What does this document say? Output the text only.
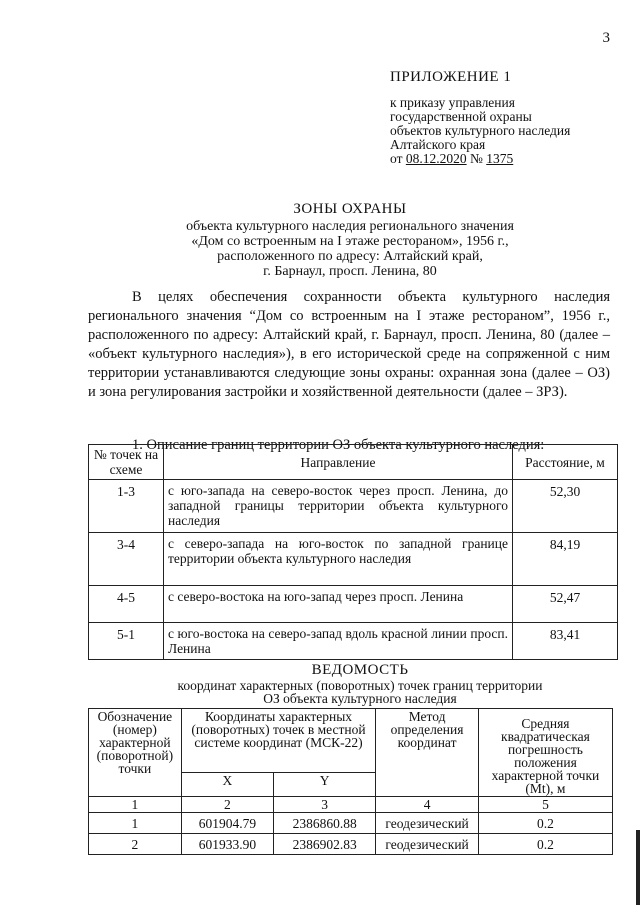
3
ПРИЛОЖЕНИЕ 1
к приказу управления
государственной охраны
объектов культурного наследия
Алтайского края
от 08.12.2020 № 1375
ЗОНЫ ОХРАНЫ
объекта культурного наследия регионального значения
«Дом со встроенным на I этаже рестораном», 1956 г.,
расположенного по адресу: Алтайский край,
г. Барнаул, просп. Ленина, 80
В целях обеспечения сохранности объекта культурного наследия регионального значения “Дом со встроенным на I этаже рестораном”, 1956 г., расположенного по адресу: Алтайский край, г. Барнаул, просп. Ленина, 80 (далее – «объект культурного наследия»), в его исторической среде на сопряженной с ним территории устанавливаются следующие зоны охраны: охранная зона (далее – ОЗ) и зона регулирования застройки и хозяйственной деятельности (далее – ЗРЗ).
1. Описание границ территории ОЗ объекта культурного наследия:
№ точек на схеме	Направление	Расстояние, м
1-3	с юго-запада на северо-восток через просп. Ленина, до западной границы территории объекта культурного наследия	52,30
3-4	с северо-запада на юго-восток по западной границе территории объекта культурного наследия	84,19
4-5	с северо-востока на юго-запад через просп. Ленина	52,47
5-1	с юго-востока на северо-запад вдоль красной линии просп. Ленина	83,41
ВЕДОМОСТЬ
координат характерных (поворотных) точек границ территории
ОЗ объекта культурного наследия
Обозначение (номер) характерной (поворотной) точки	Координаты характерных (поворотных) точек в местной системе координат (МСК-22)		Метод определения координат	Средняя квадратическая погрешность положения характерной точки (Mt), м
	X	Y		
1	2	3	4	5
1	601904.79	2386860.88	геодезический	0.2
2	601933.90	2386902.83	геодезический	0.2
